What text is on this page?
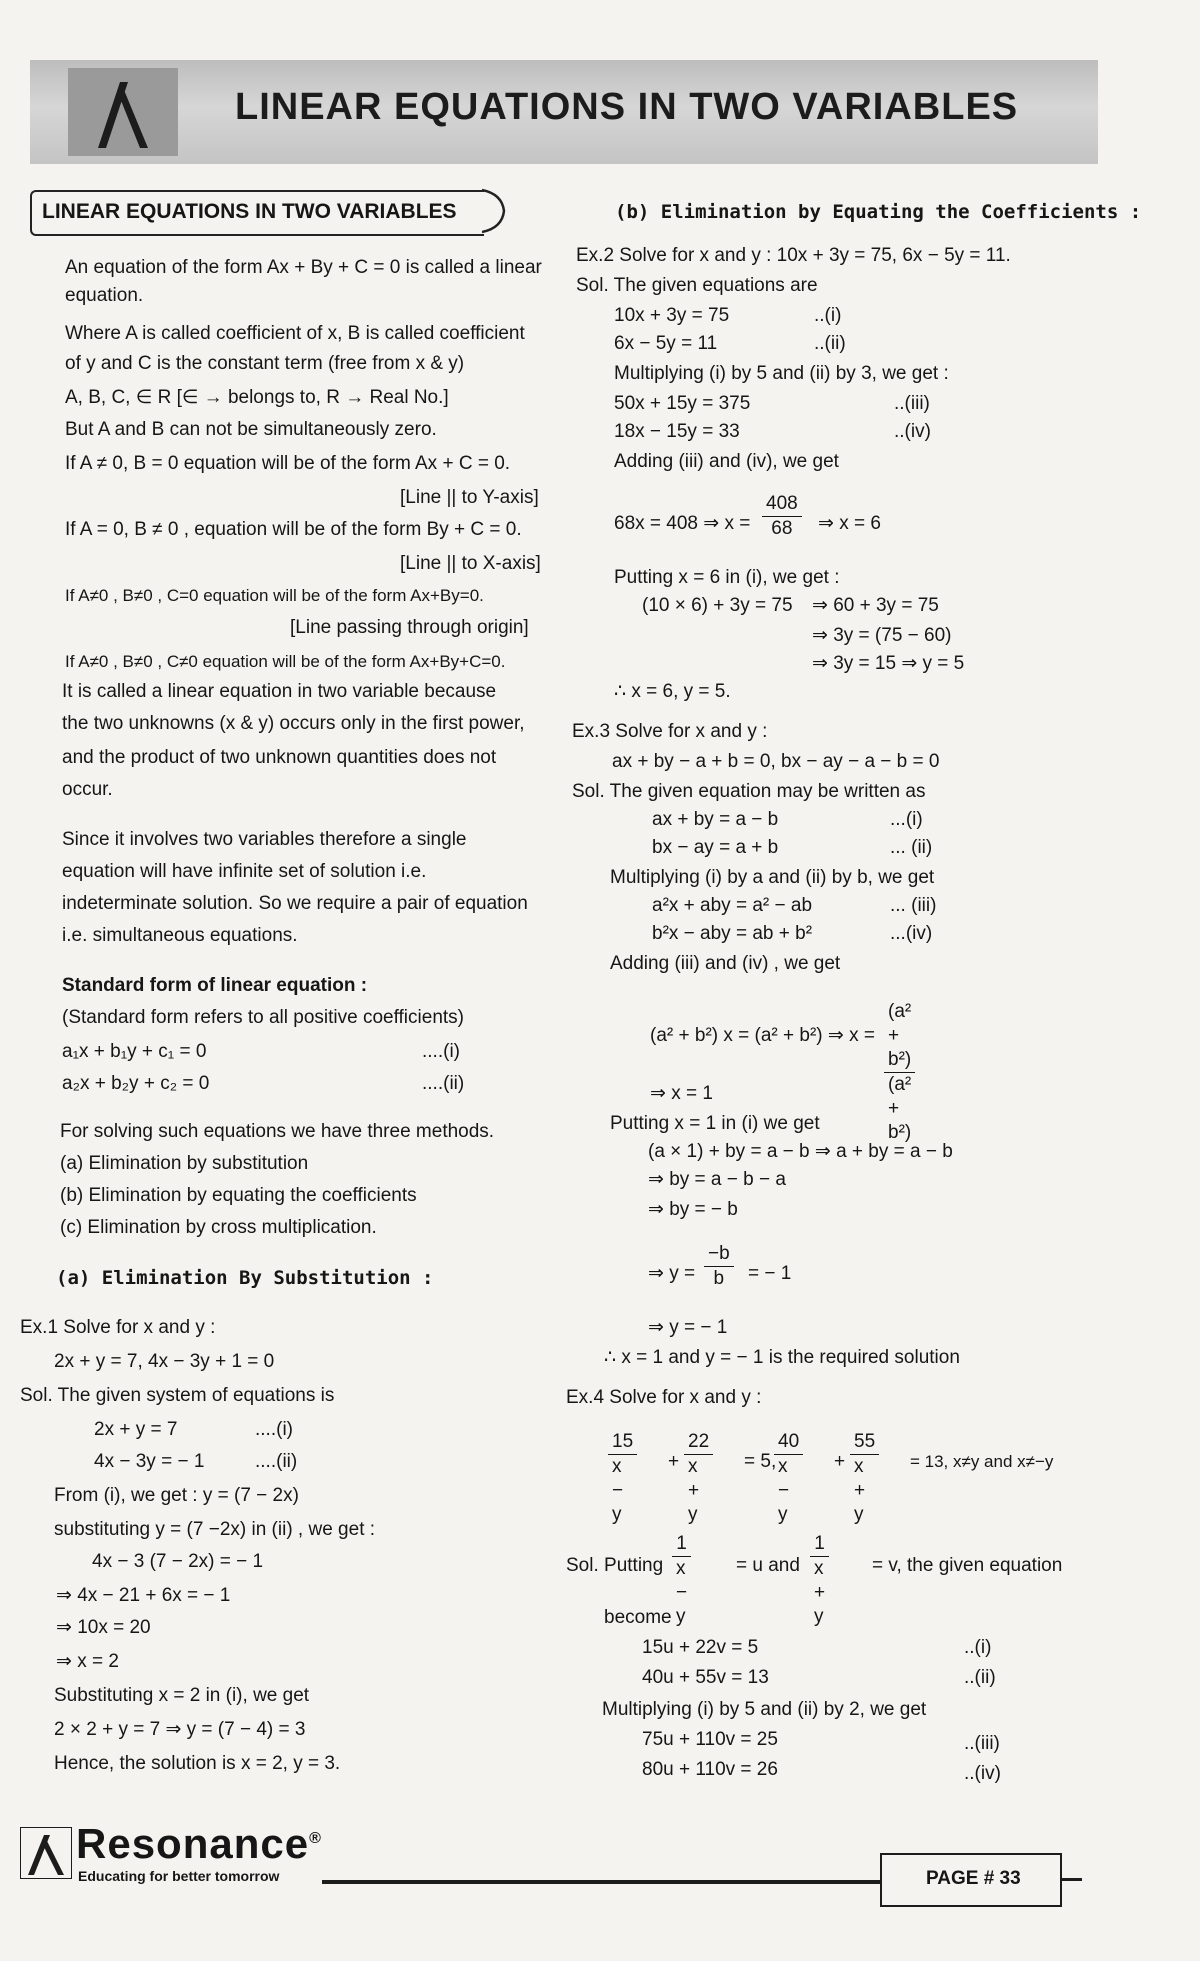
LINEAR EQUATIONS IN TWO VARIABLES
LINEAR EQUATIONS IN TWO VARIABLES
An equation of the form Ax + By + C = 0 is called a linear
equation.
Where A is called coefficient of x, B is called coefficient
of y and C is the constant term (free from x & y)
A, B, C, ∈ R [∈ → belongs to, R → Real No.]
But A and B can not be simultaneously zero.
If A ≠ 0, B = 0 equation will be of the form Ax + C = 0.
[Line || to Y-axis]
If A = 0, B ≠ 0 , equation will be of the form By + C = 0.
[Line || to X-axis]
If A≠0 , B≠0 , C=0 equation will be of the form Ax+By=0.
[Line passing through origin]
If A≠0 , B≠0 , C≠0 equation will be of the form Ax+By+C=0.
It is called a linear equation in two variable because
the two unknowns (x & y) occurs only in the first power,
and the product of two unknown quantities does not
occur.
Since it involves two variables therefore a single
equation will have infinite set of solution i.e.
indeterminate solution. So we require a pair of equation
i.e. simultaneous equations.
Standard form of linear equation :
(Standard form refers to all positive coefficients)
a₁x + b₁y + c₁ = 0	....(i)
a₂x + b₂y + c₂ = 0	....(ii)
For solving such equations we have three methods.
(a) Elimination by substitution
(b) Elimination by equating the coefficients
(c) Elimination by cross multiplication.
(a) Elimination By Substitution :
Ex.1 Solve for x and y :
2x + y = 7, 4x − 3y + 1 = 0
Sol. The given system of equations is
2x + y = 7	....(i)
4x − 3y = − 1	....(ii)
From (i), we get : y = (7 − 2x)
substituting y = (7 −2x) in (ii) , we get :
4x − 3 (7 − 2x) = − 1
⇒ 4x − 21 + 6x = − 1
⇒ 10x = 20
⇒ x = 2
Substituting x = 2 in (i), we get
2 × 2 + y = 7 ⇒ y = (7 − 4) = 3
Hence, the solution is x = 2, y = 3.
(b) Elimination by Equating the Coefficients :
Ex.2 Solve for x and y : 10x + 3y = 75, 6x − 5y = 11.
Sol. The given equations are
10x + 3y = 75	..(i)
6x − 5y = 11	..(ii)
Multiplying (i) by 5 and (ii) by 3, we get :
50x + 15y = 375	..(iii)
18x − 15y = 33	..(iv)
Adding (iii) and (iv), we get
68x = 408 ⇒ $x = \frac{408}{68}$ ⇒ x = 6
Putting x = 6 in (i), we get :
(10 × 6) + 3y = 75 ⇒ 60 + 3y = 75
⇒ 3y = (75 − 60)
⇒ 3y = 15 ⇒ y = 5
∴ x = 6, y = 5.
Ex.3 Solve for x and y :
ax + by − a + b = 0, bx − ay − a − b = 0
Sol. The given equation may be written as
ax + by = a − b	...(i)
bx − ay = a + b	... (ii)
Multiplying (i) by a and (ii) by b, we get
a²x + aby = a² − ab	... (iii)
b²x − aby = ab + b²	...(iv)
Adding (iii) and (iv) , we get
(a² + b²) x = (a² + b²) ⇒ $x = \frac{\text{(a² + b²)}}{\text{(a² + b²)}}$
⇒ x = 1
Putting x = 1 in (i) we get
(a × 1) + by = a − b ⇒ a + by = a − b
⇒ by = a − b − a
⇒ by = − b
⇒ $y = \frac{-b}{b}$ = − 1
⇒ y = − 1
∴ x = 1 and y = − 1 is the required solution
Ex.4 Solve for x and y :
$\frac{15}{x - y} + \frac{22}{x + y} = 5$,
$\frac{40}{x - y} + \frac{55}{x + y} = 13$, x≠y and x≠−y
Sol. Putting $\frac{1}{x - y} = u$ and $\frac{1}{x + y} = v$, the given equation
become
15u + 22v = 5	..(i)
40u + 55v = 13	..(ii)
Multiplying (i) by 5 and (ii) by 2, we get
75u + 110v = 25	..(iii)
80u + 110v = 26	..(iv)
Resonance®
Educating for better tomorrow	PAGE # 33
